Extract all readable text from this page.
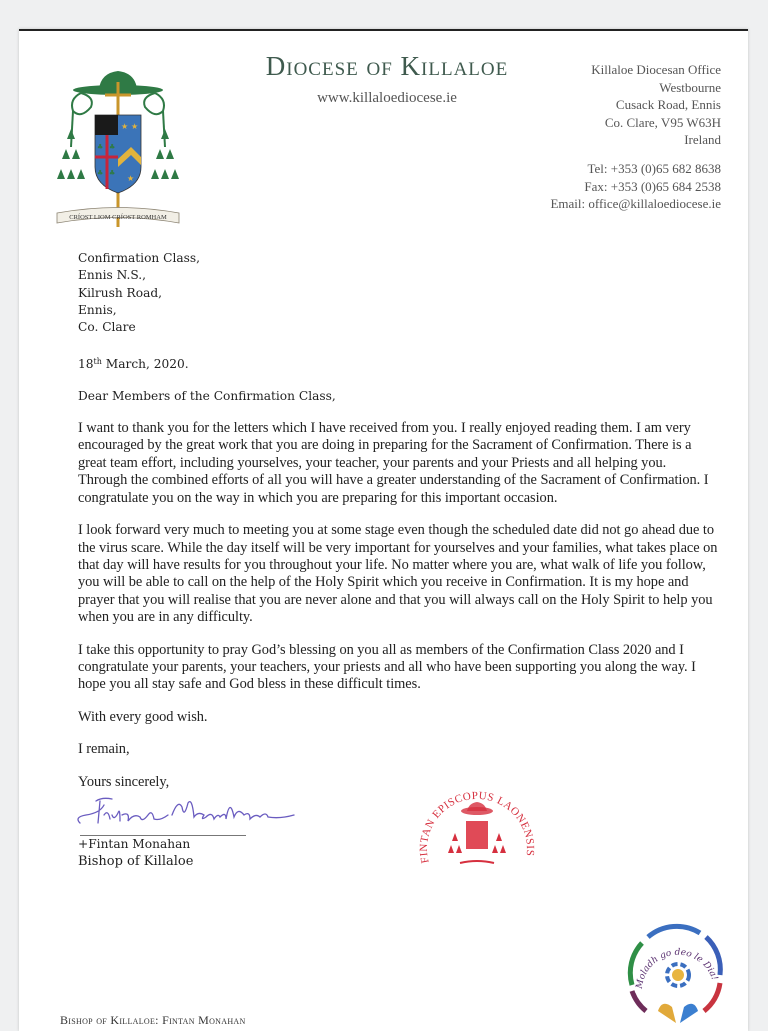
★ ★
★
♣ ♣
♣ ♣
CRÍOST LIOM CRÍOST ROMHAM
Diocese of Killaloe
www.killaloediocese.ie
Killaloe Diocesan Office
Westbourne
Cusack Road, Ennis
Co. Clare, V95 W63H
Ireland
Tel: +353 (0)65 682 8638
Fax: +353 (0)65 684 2538
Email: office@killaloediocese.ie
Confirmation Class,
Ennis N.S.,
Kilrush Road,
Ennis,
Co. Clare
18th March, 2020.
Dear Members of the Confirmation Class,
I want to thank you for the letters which I have received from you. I really enjoyed reading them. I am very encouraged by the great work that you are doing in preparing for the Sacrament of Confirmation. There is a great team effort, including yourselves, your teacher, your parents and your Priests and all helping you. Through the combined efforts of all you will have a greater understanding of the Sacrament of Confirmation. I congratulate you on the way in which you are preparing for this important occasion.
I look forward very much to meeting you at some stage even though the scheduled date did not go ahead due to the virus scare. While the day itself will be very important for yourselves and your families, what takes place on that day will have results for you throughout your life. No matter where you are, what walk of life you follow, you will be able to call on the help of the Holy Spirit which you receive in Confirmation. It is my hope and prayer that you will realise that you are never alone and that you will always call on the Holy Spirit to help you when you are in any difficulty.
I take this opportunity to pray God’s blessing on you all as members of the Confirmation Class 2020 and I congratulate your parents, your teachers, your priests and all who have been supporting you along the way. I hope you all stay safe and God bless in these difficult times.
With every good wish.
I remain,
Yours sincerely,
+Fintan Monahan
Bishop of Killaloe	FINTAN EPISCOPUS LAONENSIS
Moladh go deo le Dia!
Bishop of Killaloe: Fintan Monahan
